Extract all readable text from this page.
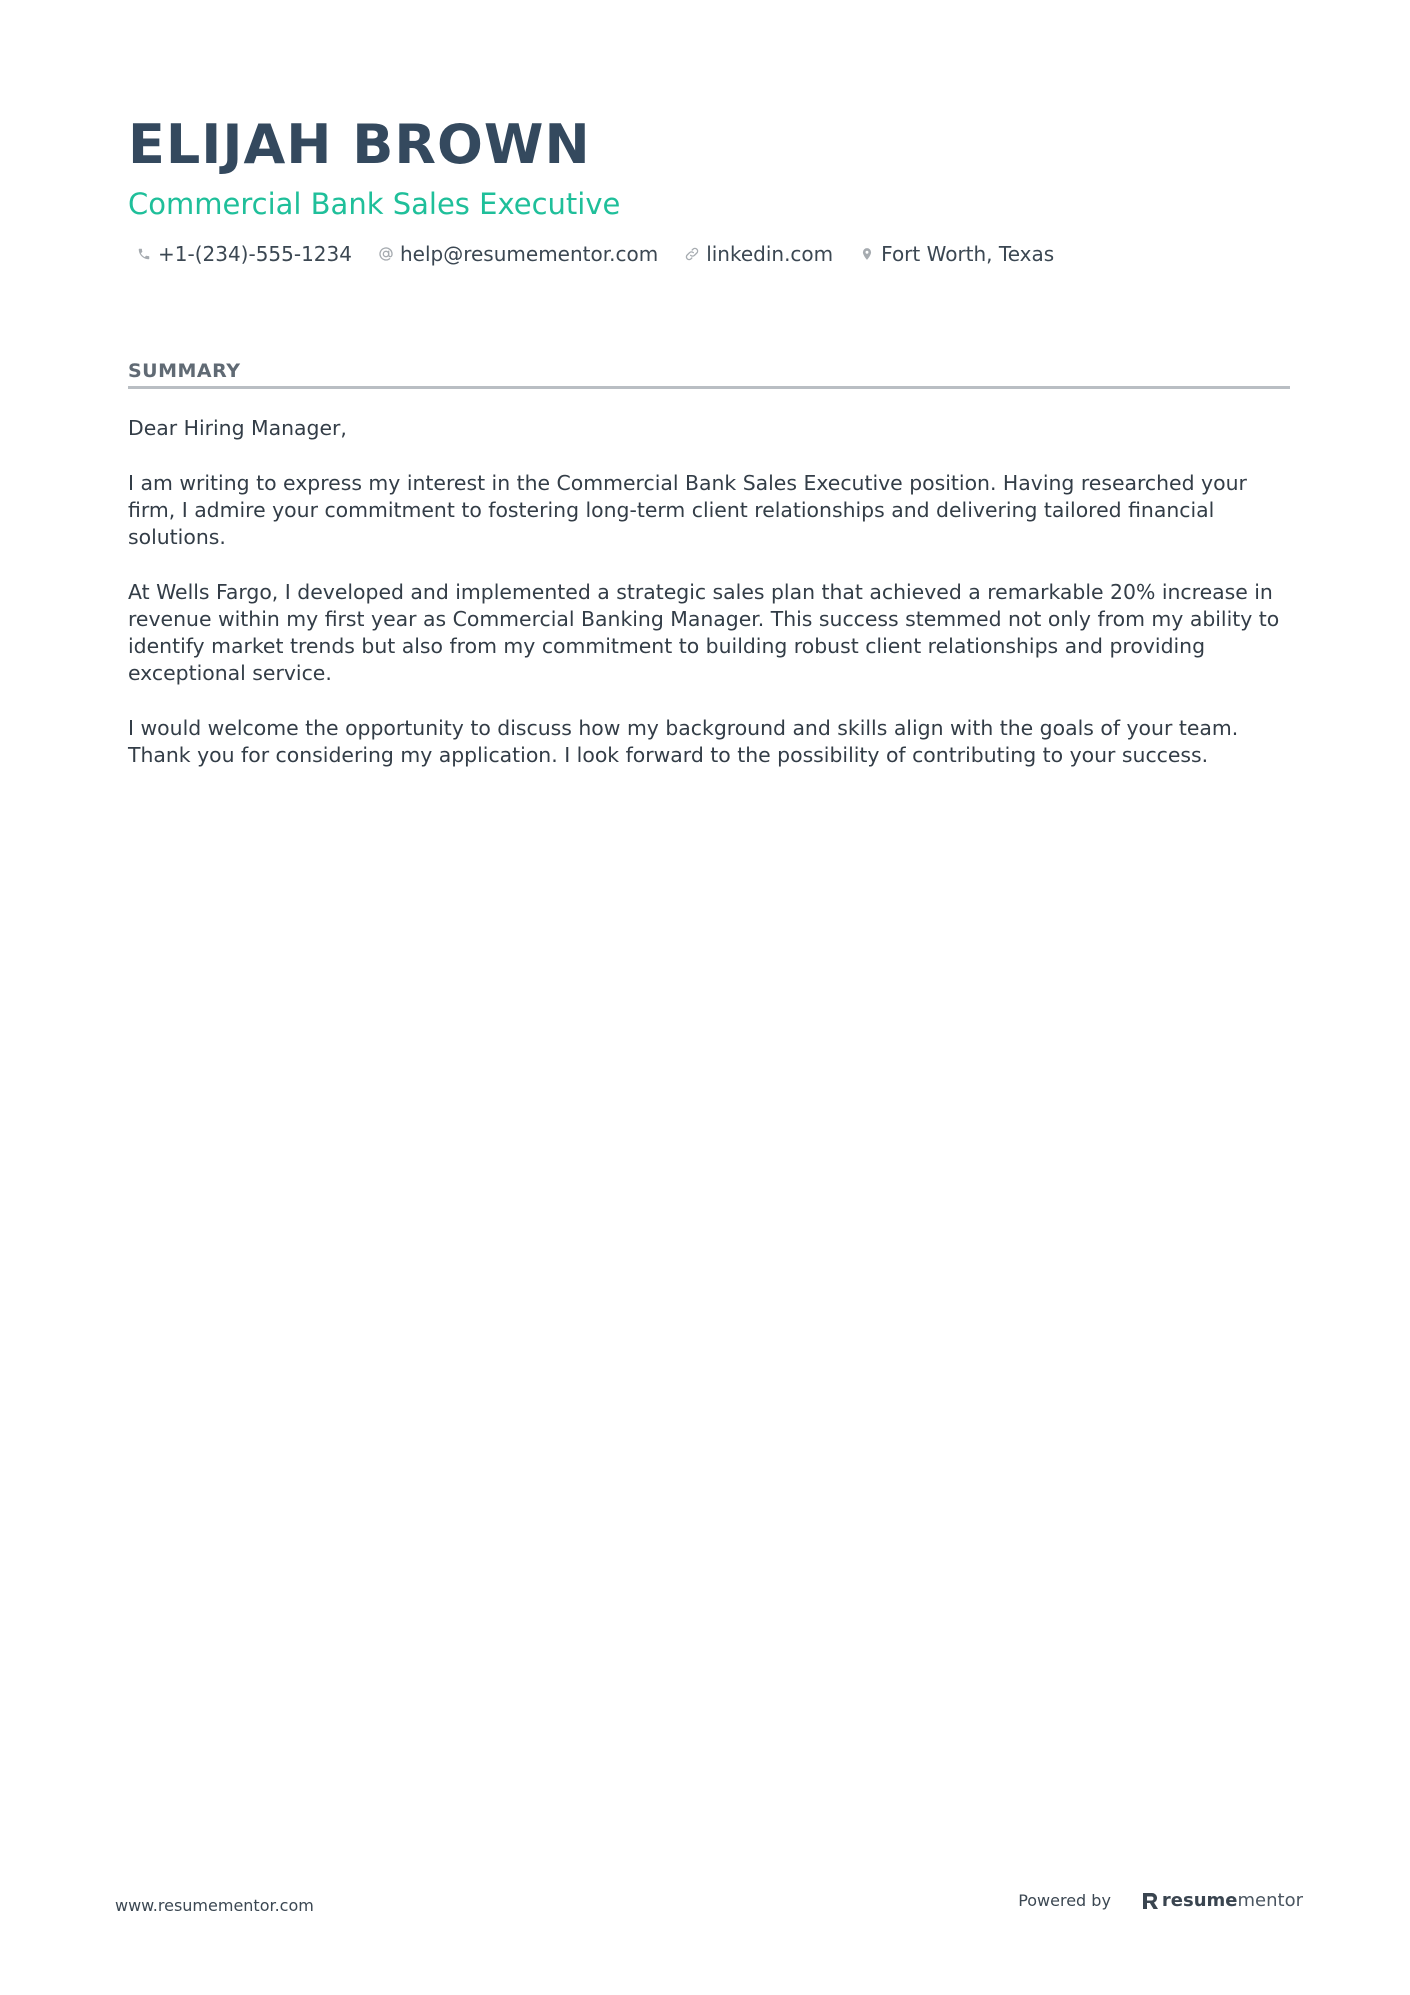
ELIJAH BROWN
Commercial Bank Sales Executive
+1-(234)-555-1234 help@resumementor.com linkedin.com Fort Worth, Texas
SUMMARY

Dear Hiring Manager,

I am writing to express my interest in the Commercial Bank Sales Executive position. Having researched your firm, I admire your commitment to fostering long-term client relationships and delivering tailored financial solutions.

At Wells Fargo, I developed and implemented a strategic sales plan that achieved a remarkable 20% increase in revenue within my first year as Commercial Banking Manager. This success stemmed not only from my ability to identify market trends but also from my commitment to building robust client relationships and providing exceptional service.

I would welcome the opportunity to discuss how my background and skills align with the goals of your team. Thank you for considering my application. I look forward to the possibility of contributing to your success.

www.resumementor.com	Powered by	resume mentor
